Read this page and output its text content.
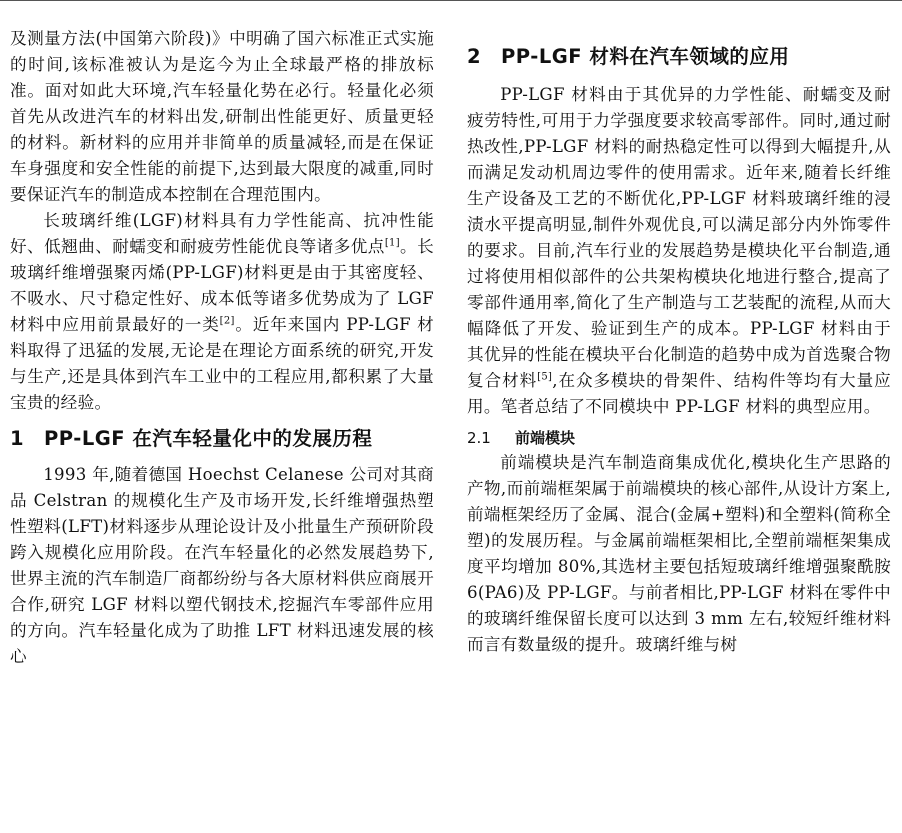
及测量方法(中国第六阶段)》中明确了国六标准正式实施的时间,该标准被认为是迄今为止全球最严格的排放标准。面对如此大环境,汽车轻量化势在必行。轻量化必须首先从改进汽车的材料出发,研制出性能更好、质量更轻的材料。新材料的应用并非简单的质量减轻,而是在保证车身强度和安全性能的前提下,达到最大限度的减重,同时要保证汽车的制造成本控制在合理范围内。

长玻璃纤维(LGF)材料具有力学性能高、抗冲性能好、低翘曲、耐蠕变和耐疲劳性能优良等诸多优点[1]。长玻璃纤维增强聚丙烯(PP-LGF)材料更是由于其密度轻、不吸水、尺寸稳定性好、成本低等诸多优势成为了 LGF 材料中应用前景最好的一类[2]。近年来国内 PP-LGF 材料取得了迅猛的发展,无论是在理论方面系统的研究,开发与生产,还是具体到汽车工业中的工程应用,都积累了大量宝贵的经验。

1 PP-LGF 在汽车轻量化中的发展历程

1993 年,随着德国 Hoechst Celanese 公司对其商品 Celstran 的规模化生产及市场开发,长纤维增强热塑性塑料(LFT)材料逐步从理论设计及小批量生产预研阶段跨入规模化应用阶段。在汽车轻量化的必然发展趋势下,世界主流的汽车制造厂商都纷纷与各大原材料供应商展开合作,研究 LGF 材料以塑代钢技术,挖掘汽车零部件应用的方向。汽车轻量化成为了助推 LFT 材料迅速发展的核心

2 PP-LGF 材料在汽车领域的应用

PP-LGF 材料由于其优异的力学性能、耐蠕变及耐疲劳特性,可用于力学强度要求较高零部件。同时,通过耐热改性,PP-LGF 材料的耐热稳定性可以得到大幅提升,从而满足发动机周边零件的使用需求。近年来,随着长纤维生产设备及工艺的不断优化,PP-LGF 材料玻璃纤维的浸渍水平提高明显,制件外观优良,可以满足部分内外饰零件的要求。目前,汽车行业的发展趋势是模块化平台制造,通过将使用相似部件的公共架构模块化地进行整合,提高了零部件通用率,简化了生产制造与工艺装配的流程,从而大幅降低了开发、验证到生产的成本。PP-LGF 材料由于其优异的性能在模块平台化制造的趋势中成为首选聚合物复合材料[5],在众多模块的骨架件、结构件等均有大量应用。笔者总结了不同模块中 PP-LGF 材料的典型应用。

2.1 前端模块

前端模块是汽车制造商集成优化,模块化生产思路的产物,而前端框架属于前端模块的核心部件,从设计方案上,前端框架经历了金属、混合(金属+塑料)和全塑料(简称全塑)的发展历程。与金属前端框架相比,全塑前端框架集成度平均增加 80%,其选材主要包括短玻璃纤维增强聚酰胺 6(PA6)及 PP-LGF。与前者相比,PP-LGF 材料在零件中的玻璃纤维保留长度可以达到 3 mm 左右,较短纤维材料而言有数量级的提升。玻璃纤维与树
